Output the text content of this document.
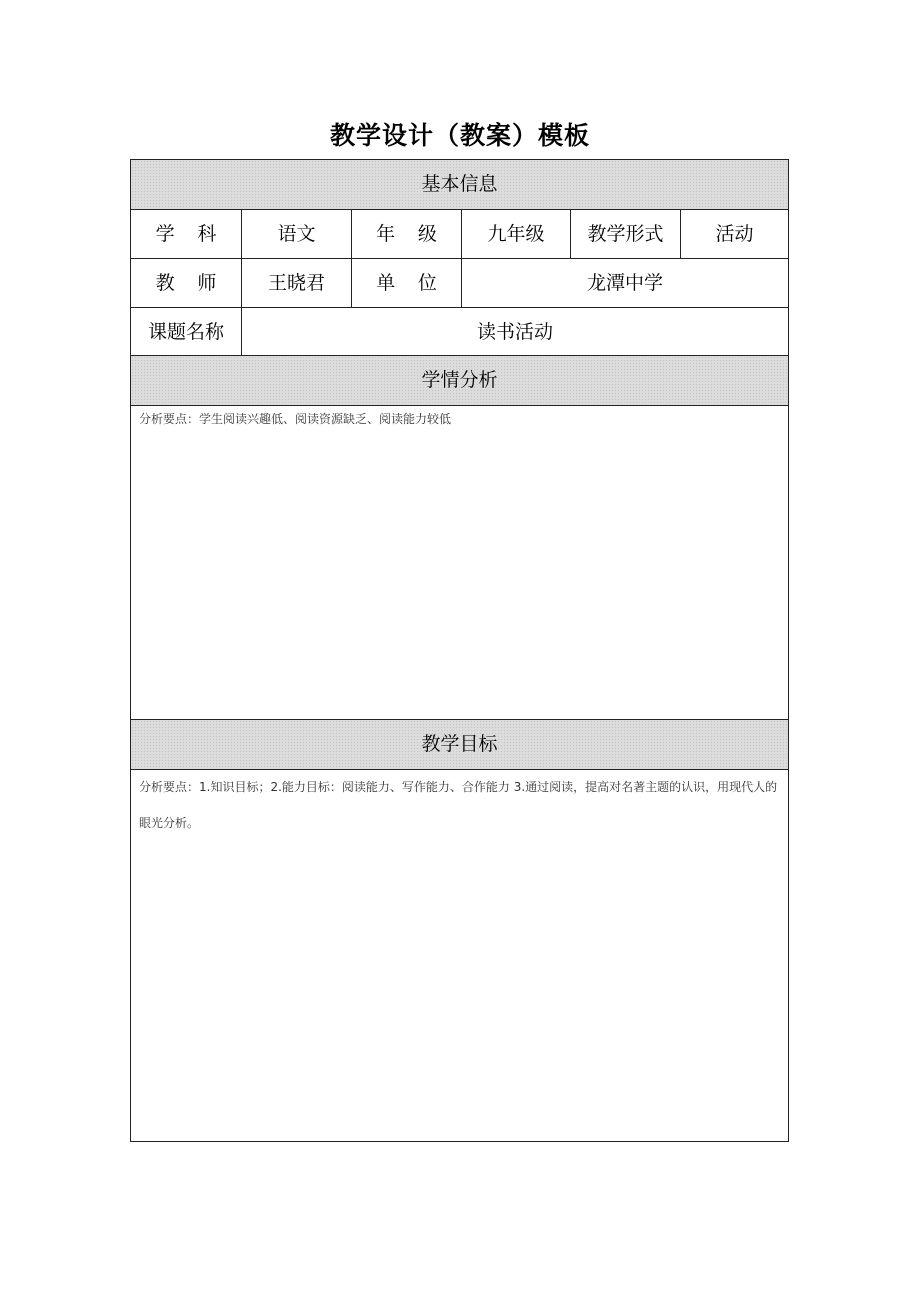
教学设计（教案）模板
基本信息
学科	语文	年级	九年级	教学形式	活动
教师	王晓君	单位	龙潭中学
课题名称	读书活动
学情分析
分析要点：学生阅读兴趣低、阅读资源缺乏、阅读能力较低
教学目标
分析要点：1.知识目标；2.能力目标：阅读能力、写作能力、合作能力 3.通过阅读，提高对名著主题的认识，用现代人的眼光分析。
